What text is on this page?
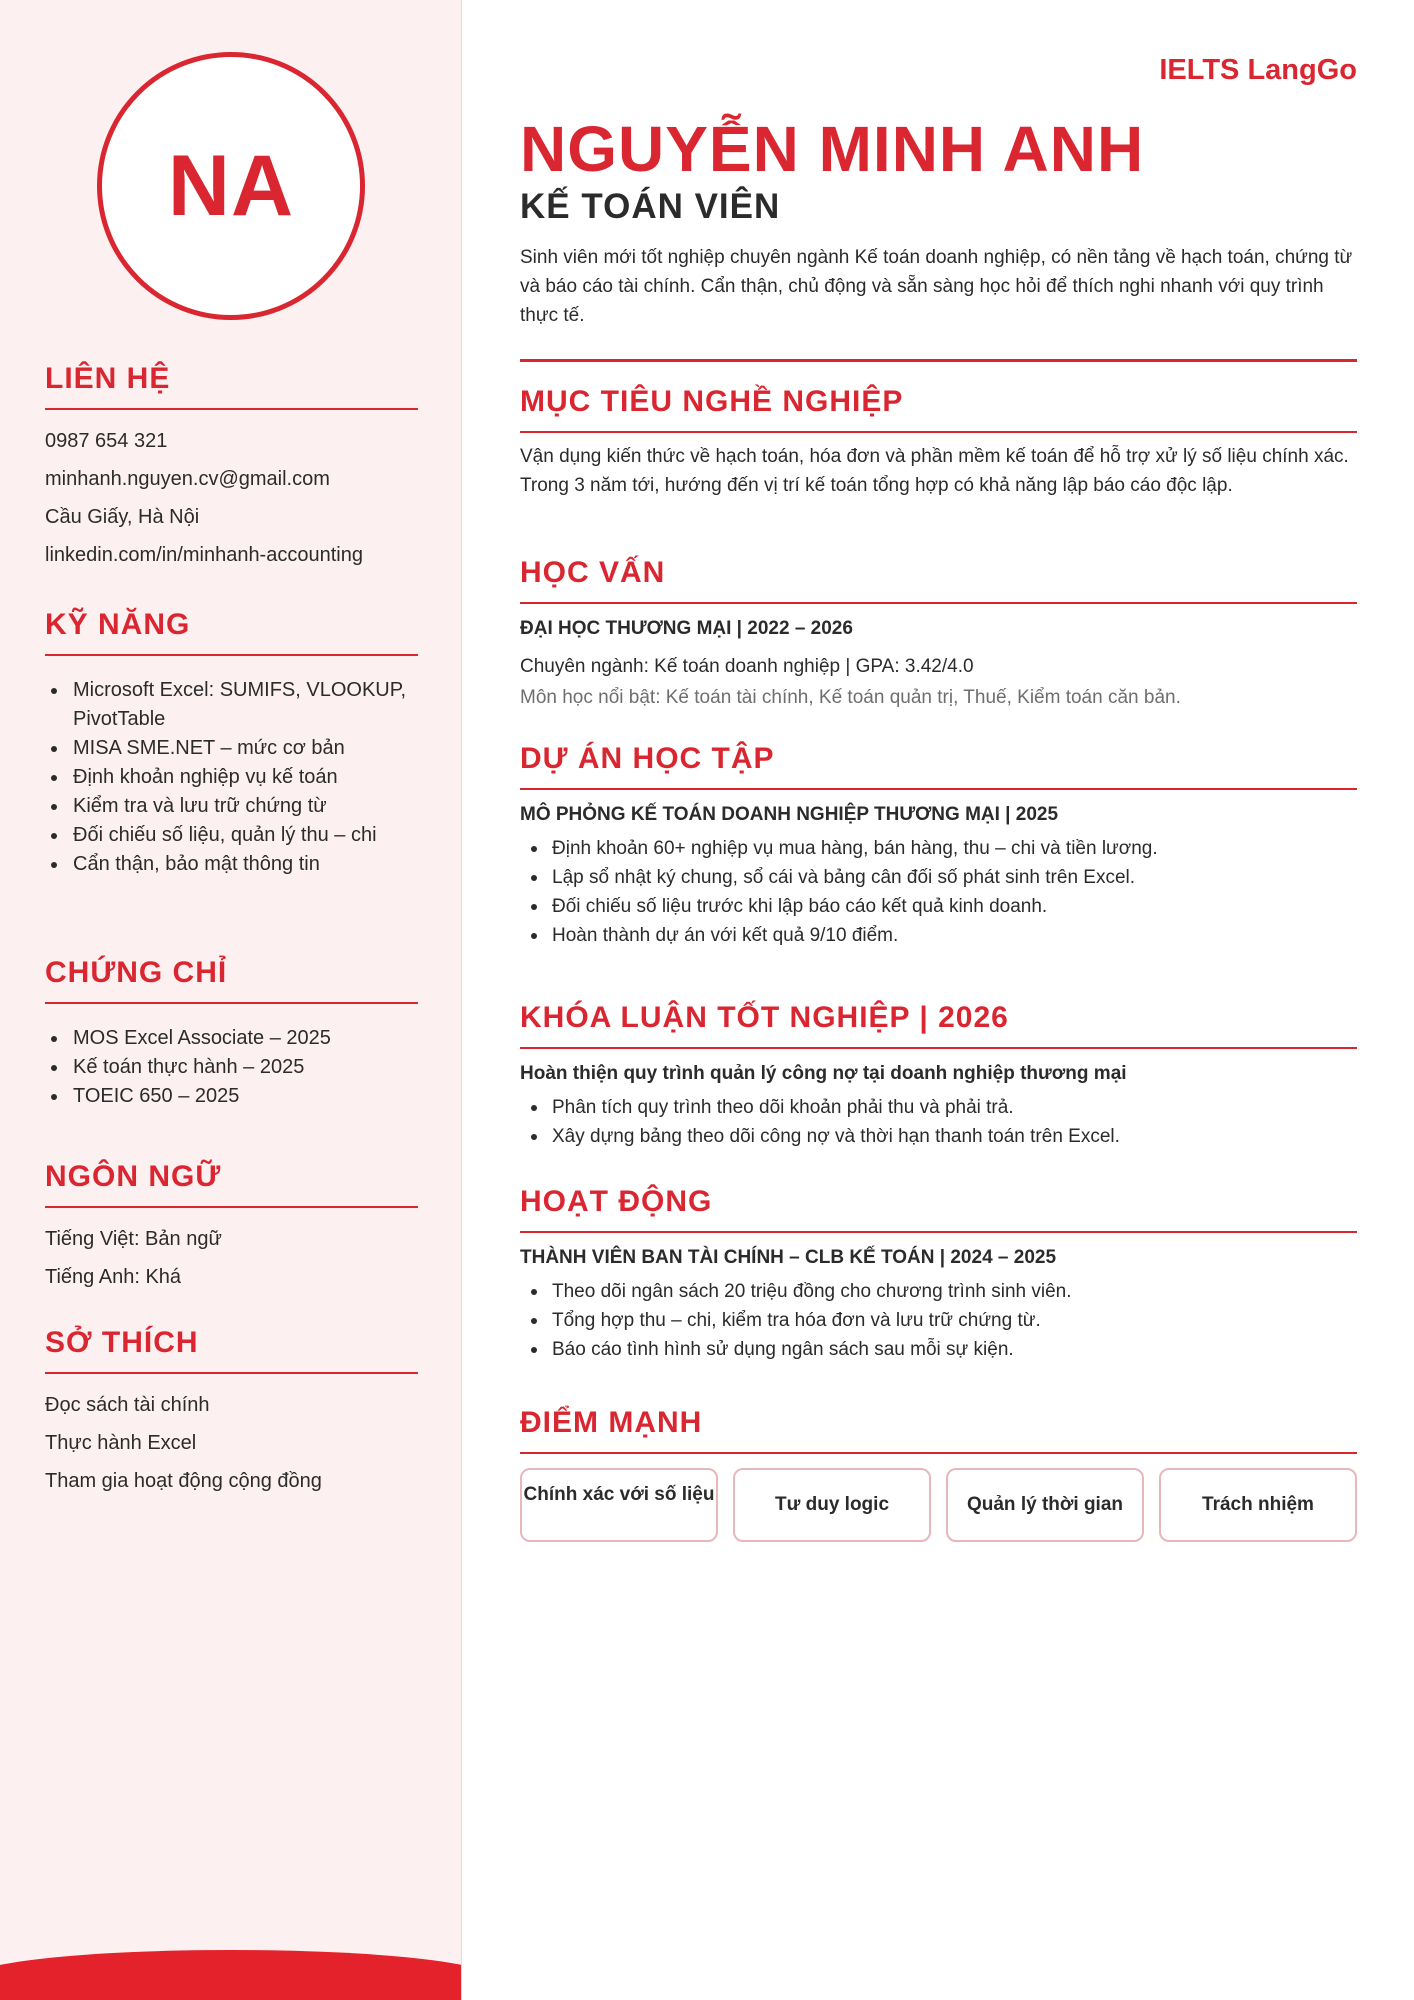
NA
LIÊN HỆ
0987 654 321
minhanh.nguyen.cv@gmail.com
Cầu Giấy, Hà Nội
linkedin.com/in/minhanh-accounting
KỸ NĂNG
Microsoft Excel: SUMIFS, VLOOKUP, PivotTable
MISA SME.NET – mức cơ bản
Định khoản nghiệp vụ kế toán
Kiểm tra và lưu trữ chứng từ
Đối chiếu số liệu, quản lý thu – chi
Cẩn thận, bảo mật thông tin
CHỨNG CHỈ
MOS Excel Associate – 2025
Kế toán thực hành – 2025
TOEIC 650 – 2025
NGÔN NGỮ
Tiếng Việt: Bản ngữ
Tiếng Anh: Khá
SỞ THÍCH
Đọc sách tài chính
Thực hành Excel
Tham gia hoạt động cộng đồng
IELTS LangGo
NGUYỄN MINH ANH
KẾ TOÁN VIÊN

Sinh viên mới tốt nghiệp chuyên ngành Kế toán doanh nghiệp, có nền tảng về hạch toán, chứng từ và báo cáo tài chính. Cẩn thận, chủ động và sẵn sàng học hỏi để thích nghi nhanh với quy trình thực tế.

MỤC TIÊU NGHỀ NGHIỆP

Vận dụng kiến thức về hạch toán, hóa đơn và phần mềm kế toán để hỗ trợ xử lý số liệu chính xác. Trong 3 năm tới, hướng đến vị trí kế toán tổng hợp có khả năng lập báo cáo độc lập.

HỌC VẤN
ĐẠI HỌC THƯƠNG MẠI | 2022 – 2026
Chuyên ngành: Kế toán doanh nghiệp | GPA: 3.42/4.0
Môn học nổi bật: Kế toán tài chính, Kế toán quản trị, Thuế, Kiểm toán căn bản.
DỰ ÁN HỌC TẬP
MÔ PHỎNG KẾ TOÁN DOANH NGHIỆP THƯƠNG MẠI | 2025
Định khoản 60+ nghiệp vụ mua hàng, bán hàng, thu – chi và tiền lương.
Lập sổ nhật ký chung, sổ cái và bảng cân đối số phát sinh trên Excel.
Đối chiếu số liệu trước khi lập báo cáo kết quả kinh doanh.
Hoàn thành dự án với kết quả 9/10 điểm.
KHÓA LUẬN TỐT NGHIỆP | 2026
Hoàn thiện quy trình quản lý công nợ tại doanh nghiệp thương mại
Phân tích quy trình theo dõi khoản phải thu và phải trả.
Xây dựng bảng theo dõi công nợ và thời hạn thanh toán trên Excel.
HOẠT ĐỘNG
THÀNH VIÊN BAN TÀI CHÍNH – CLB KẾ TOÁN | 2024 – 2025
Theo dõi ngân sách 20 triệu đồng cho chương trình sinh viên.
Tổng hợp thu – chi, kiểm tra hóa đơn và lưu trữ chứng từ.
Báo cáo tình hình sử dụng ngân sách sau mỗi sự kiện.
ĐIỂM MẠNH
Chính xác với số liệu	Tư duy logic	Quản lý thời gian	Trách nhiệm
